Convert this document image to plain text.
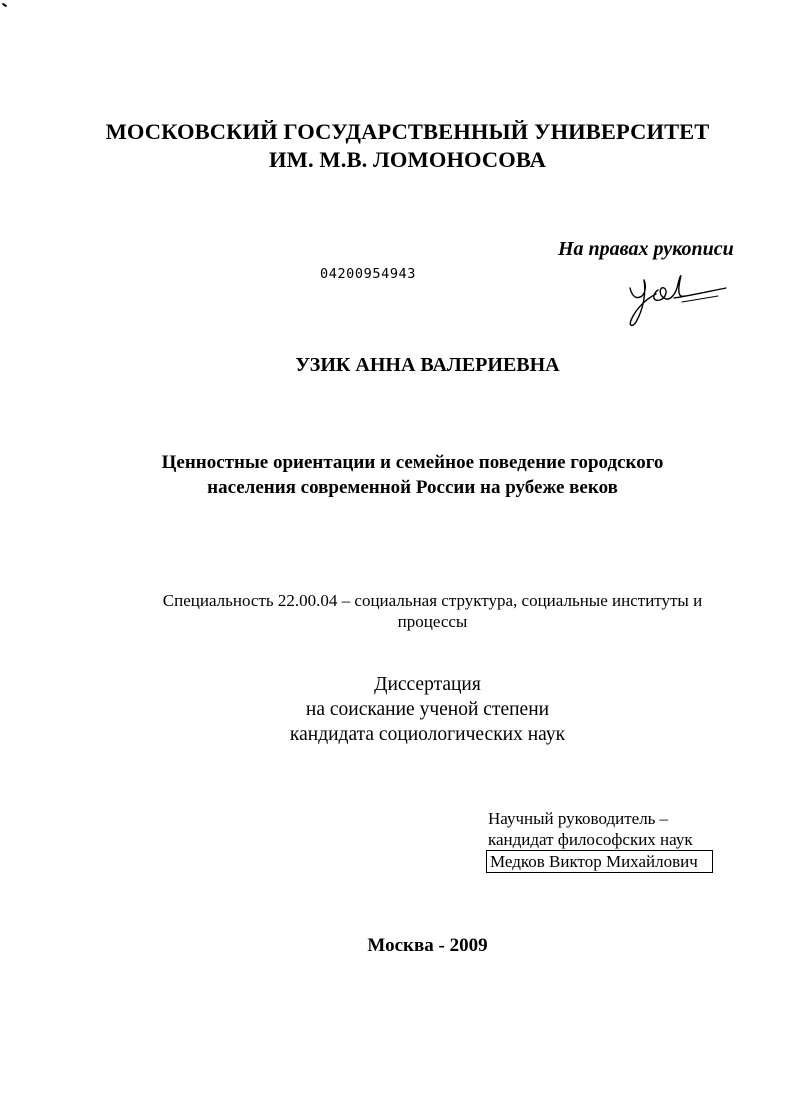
МОСКОВСКИЙ ГОСУДАРСТВЕННЫЙ УНИВЕРСИТЕТ
ИМ. М.В. ЛОМОНОСОВА
На правах рукописи
04200954943
УЗИК АННА ВАЛЕРИЕВНА
Ценностные ориентации и семейное поведение городского
населения современной России на рубеже веков
Специальность 22.00.04 – социальная структура, социальные институты и
процессы
Диссертация
на соискание ученой степени
кандидата социологических наук
Научный руководитель –
кандидат философских наук
Медков Виктор Михайлович
Москва - 2009
